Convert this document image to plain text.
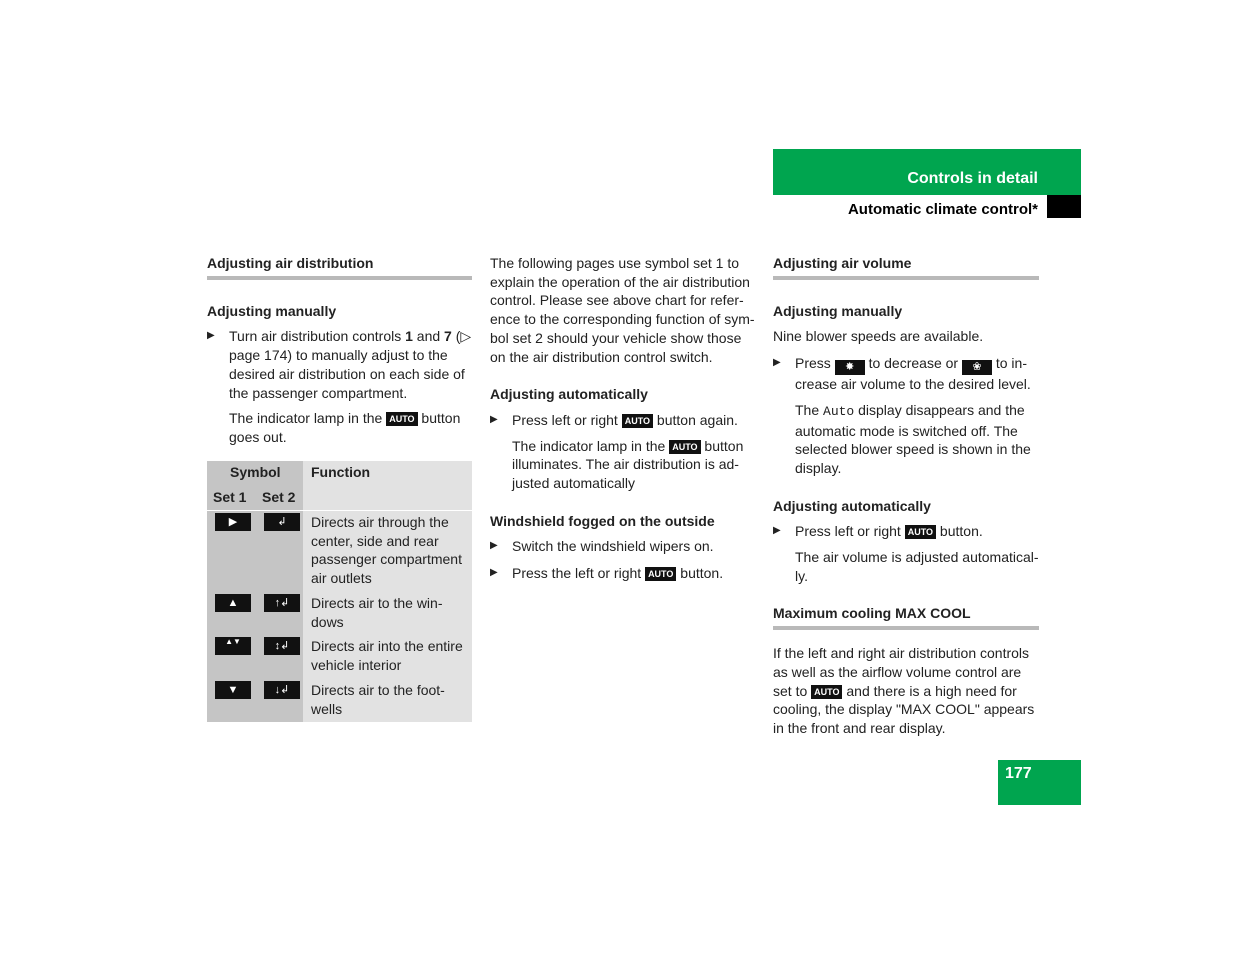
Controls in detail
Automatic climate control*
Adjusting air distribution
Adjusting manually
▶ Turn air distribution controls 1 and 7 (▷ page 174) to manually adjust to the desired air distribution on each side of the passenger compartment.
The indicator lamp in the AUTO button goes out.
Symbol Function
Set 1 Set 2
▶	↲	Directs air through the center, side and rear passenger compartment air outlets
▲	↑↲	Directs air to the win-dows
▲▼	↕↲	Directs air into the entire vehicle interior
▼	↓↲	Directs air to the foot-wells

The following pages use symbol set 1 to explain the operation of the air distribution control. Please see above chart for refer-ence to the corresponding function of sym-bol set 2 should your vehicle show those on the air distribution control switch.

Adjusting automatically
▶ Press left or right AUTO button again.
The indicator lamp in the AUTO button illuminates. The air distribution is ad-justed automatically
Windshield fogged on the outside
▶ Switch the windshield wipers on.
▶ Press the left or right AUTO button.
Adjusting air volume
Adjusting manually

Nine blower speeds are available.

▶ Press ✸ to decrease or ❀ to in-crease air volume to the desired level.
The Auto display disappears and the automatic mode is switched off. The selected blower speed is shown in the display.
Adjusting automatically
▶ Press left or right AUTO button.
The air volume is adjusted automatical-ly.
Maximum cooling MAX COOL

If the left and right air distribution controls as well as the airflow volume control are set to AUTO and there is a high need for cooling, the display "MAX COOL" appears in the front and rear display.

177
